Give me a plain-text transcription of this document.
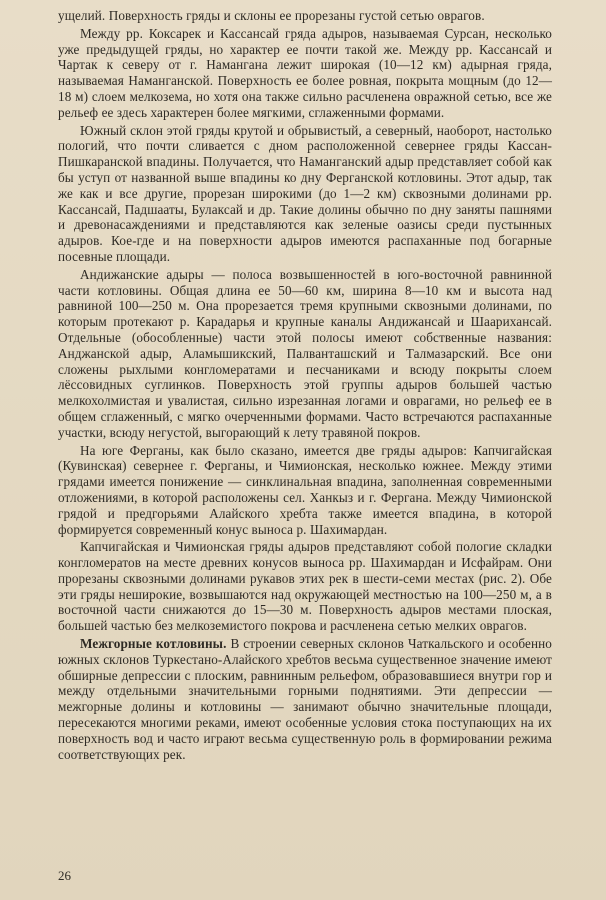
ущелий. Поверхность гряды и склоны ее прорезаны густой сетью оврагов.

Между рр. Коксарек и Кассансай гряда адыров, называемая Сурсан, несколько уже предыдущей гряды, но характер ее почти такой же. Между рр. Кассансай и Чартак к северу от г. Намангана лежит широкая (10—12 км) адырная гряда, называемая Наманганской. Поверхность ее более ровная, покрыта мощным (до 12—18 м) слоем мелкозема, но хотя она также сильно расчленена овражной сетью, все же рельеф ее здесь характерен более мягкими, сглаженными формами.

Южный склон этой гряды крутой и обрывистый, а северный, наоборот, настолько пологий, что почти сливается с дном расположенной севернее гряды Кассан-Пишкаранской впадины. Получается, что Наманганский адыр представляет собой как бы уступ от названной выше впадины ко дну Ферганской котловины. Этот адыр, так же как и все другие, прорезан широкими (до 1—2 км) сквозными долинами рр. Кассансай, Падшааты, Булаксай и др. Такие долины обычно по дну заняты пашнями и древонасаждениями и представляются как зеленые оазисы среди пустынных адыров. Кое-где и на поверхности адыров имеются распаханные под богарные посевные площади.

Андижанские адыры — полоса возвышенностей в юго-восточной равнинной части котловины. Общая длина ее 50—60 км, ширина 8—10 км и высота над равниной 100—250 м. Она прорезается тремя крупными сквозными долинами, по которым протекают р. Карадарья и крупные каналы Андижансай и Шаарихансай. Отдельные (обособленные) части этой полосы имеют собственные названия: Анджанской адыр, Аламышикский, Палванташский и Талмазарский. Все они сложены рыхлыми конгломератами и песчаниками и всюду покрыты слоем лёссовидных суглинков. Поверхность этой группы адыров большей частью мелкохолмистая и увалистая, сильно изрезанная логами и оврагами, но рельеф ее в общем сглаженный, с мягко очерченными формами. Часто встречаются распаханные участки, всюду негустой, выгорающий к лету травяной покров.

На юге Ферганы, как было сказано, имеется две гряды адыров: Капчигайская (Кувинская) севернее г. Ферганы, и Чимионская, несколько южнее. Между этими грядами имеется понижение — синклинальная впадина, заполненная современными отложениями, в которой расположены сел. Ханкыз и г. Фергана. Между Чимионской грядой и предгорьями Алайского хребта также имеется впадина, в которой формируется современный конус выноса р. Шахимардан.

Капчигайская и Чимионская гряды адыров представляют собой пологие складки конгломератов на месте древних конусов выноса рр. Шахимардан и Исфайрам. Они прорезаны сквозными долинами рукавов этих рек в шести-семи местах (рис. 2). Обе эти гряды неширокие, возвышаются над окружающей местностью на 100—250 м, а в восточной части снижаются до 15—30 м. Поверхность адыров местами плоская, большей частью без мелкоземистого покрова и расчленена сетью мелких оврагов.

Межгорные котловины. В строении северных склонов Чаткальского и особенно южных склонов Туркестано-Алайского хребтов весьма существенное значение имеют обширные депрессии с плоским, равнинным рельефом, образовавшиеся внутри гор и между отдельными значительными горными поднятиями. Эти депрессии — межгорные долины и котловины — занимают обычно значительные площади, пересекаются многими реками, имеют особенные условия стока поступающих на их поверхность вод и часто играют весьма существенную роль в формировании режима соответствующих рек.

26
